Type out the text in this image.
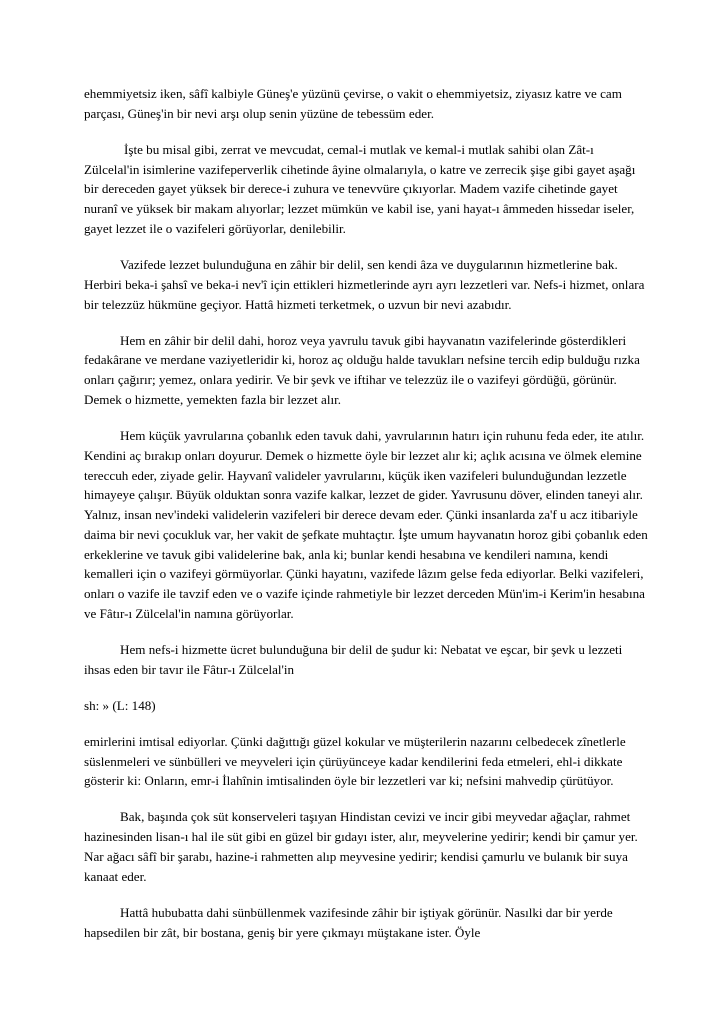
ehemmiyetsiz iken, sâfî kalbiyle Güneş'e yüzünü çevirse, o vakit o ehemmiyetsiz, ziyasız katre ve cam parçası, Güneş'in bir nevi arşı olup senin yüzüne de tebessüm eder.

İşte bu misal gibi, zerrat ve mevcudat, cemal-i mutlak ve kemal-i mutlak sahibi olan Zât-ı Zülcelal'in isimlerine vazifeperverlik cihetinde âyine olmalarıyla, o katre ve zerrecik şişe gibi gayet aşağı bir dereceden gayet yüksek bir derece-i zuhura ve tenevvüre çıkıyorlar. Madem vazife cihetinde gayet nuranî ve yüksek bir makam alıyorlar; lezzet mümkün ve kabil ise, yani hayat-ı âmmeden hissedar iseler, gayet lezzet ile o vazifeleri görüyorlar, denilebilir.

Vazifede lezzet bulunduğuna en zâhir bir delil, sen kendi âza ve duygularının hizmetlerine bak. Herbiri beka-i şahsî ve beka-i nev'î için ettikleri hizmetlerinde ayrı ayrı lezzetleri var. Nefs-i hizmet, onlara bir telezzüz hükmüne geçiyor. Hattâ hizmeti terketmek, o uzvun bir nevi azabıdır.

Hem en zâhir bir delil dahi, horoz veya yavrulu tavuk gibi hayvanatın vazifelerinde gösterdikleri fedakârane ve merdane vaziyetleridir ki, horoz aç olduğu halde tavukları nefsine tercih edip bulduğu rızka onları çağırır; yemez, onlara yedirir. Ve bir şevk ve iftihar ve telezzüz ile o vazifeyi gördüğü, görünür. Demek o hizmette, yemekten fazla bir lezzet alır.

Hem küçük yavrularına çobanlık eden tavuk dahi, yavrularının hatırı için ruhunu feda eder, ite atılır. Kendini aç bırakıp onları doyurur. Demek o hizmette öyle bir lezzet alır ki; açlık acısına ve ölmek elemine tereccuh eder, ziyade gelir. Hayvanî valideler yavrularını, küçük iken vazifeleri bulunduğundan lezzetle himayeye çalışır. Büyük olduktan sonra vazife kalkar, lezzet de gider. Yavrusunu döver, elinden taneyi alır. Yalnız, insan nev'indeki validelerin vazifeleri bir derece devam eder. Çünki insanlarda za'f u acz itibariyle daima bir nevi çocukluk var, her vakit de şefkate muhtaçtır. İşte umum hayvanatın horoz gibi çobanlık eden erkeklerine ve tavuk gibi validelerine bak, anla ki; bunlar kendi hesabına ve kendileri namına, kendi kemalleri için o vazifeyi görmüyorlar. Çünki hayatını, vazifede lâzım gelse feda ediyorlar. Belki vazifeleri, onları o vazife ile tavzif eden ve o vazife içinde rahmetiyle bir lezzet derceden Mün'im-i Kerim'in hesabına ve Fâtır-ı Zülcelal'in namına görüyorlar.

Hem nefs-i hizmette ücret bulunduğuna bir delil de şudur ki: Nebatat ve eşcar, bir şevk u lezzeti ihsas eden bir tavır ile Fâtır-ı Zülcelal'in

sh: » (L: 148)

emirlerini imtisal ediyorlar. Çünki dağıttığı güzel kokular ve müşterilerin nazarını celbedecek zînetlerle süslenmeleri ve sünbülleri ve meyveleri için çürüyünceye kadar kendilerini feda etmeleri, ehl-i dikkate gösterir ki: Onların, emr-i İlahînin imtisalinden öyle bir lezzetleri var ki; nefsini mahvedip çürütüyor.

Bak, başında çok süt konserveleri taşıyan Hindistan cevizi ve incir gibi meyvedar ağaçlar, rahmet hazinesinden lisan-ı hal ile süt gibi en güzel bir gıdayı ister, alır, meyvelerine yedirir; kendi bir çamur yer. Nar ağacı sâfî bir şarabı, hazine-i rahmetten alıp meyvesine yedirir; kendisi çamurlu ve bulanık bir suya kanaat eder.

Hattâ hububatta dahi sünbüllenmek vazifesinde zâhir bir iştiyak görünür. Nasılki dar bir yerde hapsedilen bir zât, bir bostana, geniş bir yere çıkmayı müştakane ister. Öyle
